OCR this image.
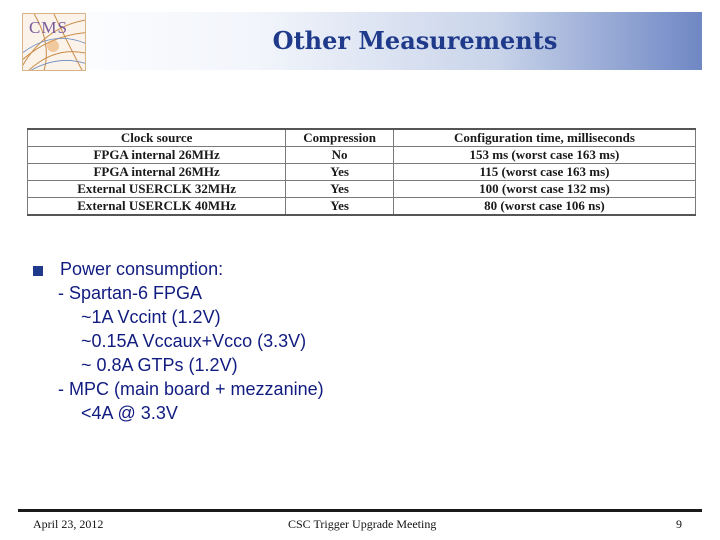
CMS	Other Measurements
Clock source	Compression	Configuration time, milliseconds
FPGA internal 26MHz	No	153 ms (worst case 163 ms)
FPGA internal 26MHz	Yes	115 (worst case 163 ms)
External USERCLK 32MHz	Yes	100 (worst case 132 ms)
External USERCLK 40MHz	Yes	80 (worst case 106 ns)
Power consumption:
- Spartan-6 FPGA
~1A Vccint (1.2V)
~0.15A Vccaux+Vcco (3.3V)
~ 0.8A GTPs (1.2V)
- MPC (main board + mezzanine)
<4A @ 3.3V
April 23, 2012	CSC Trigger Upgrade Meeting	9
